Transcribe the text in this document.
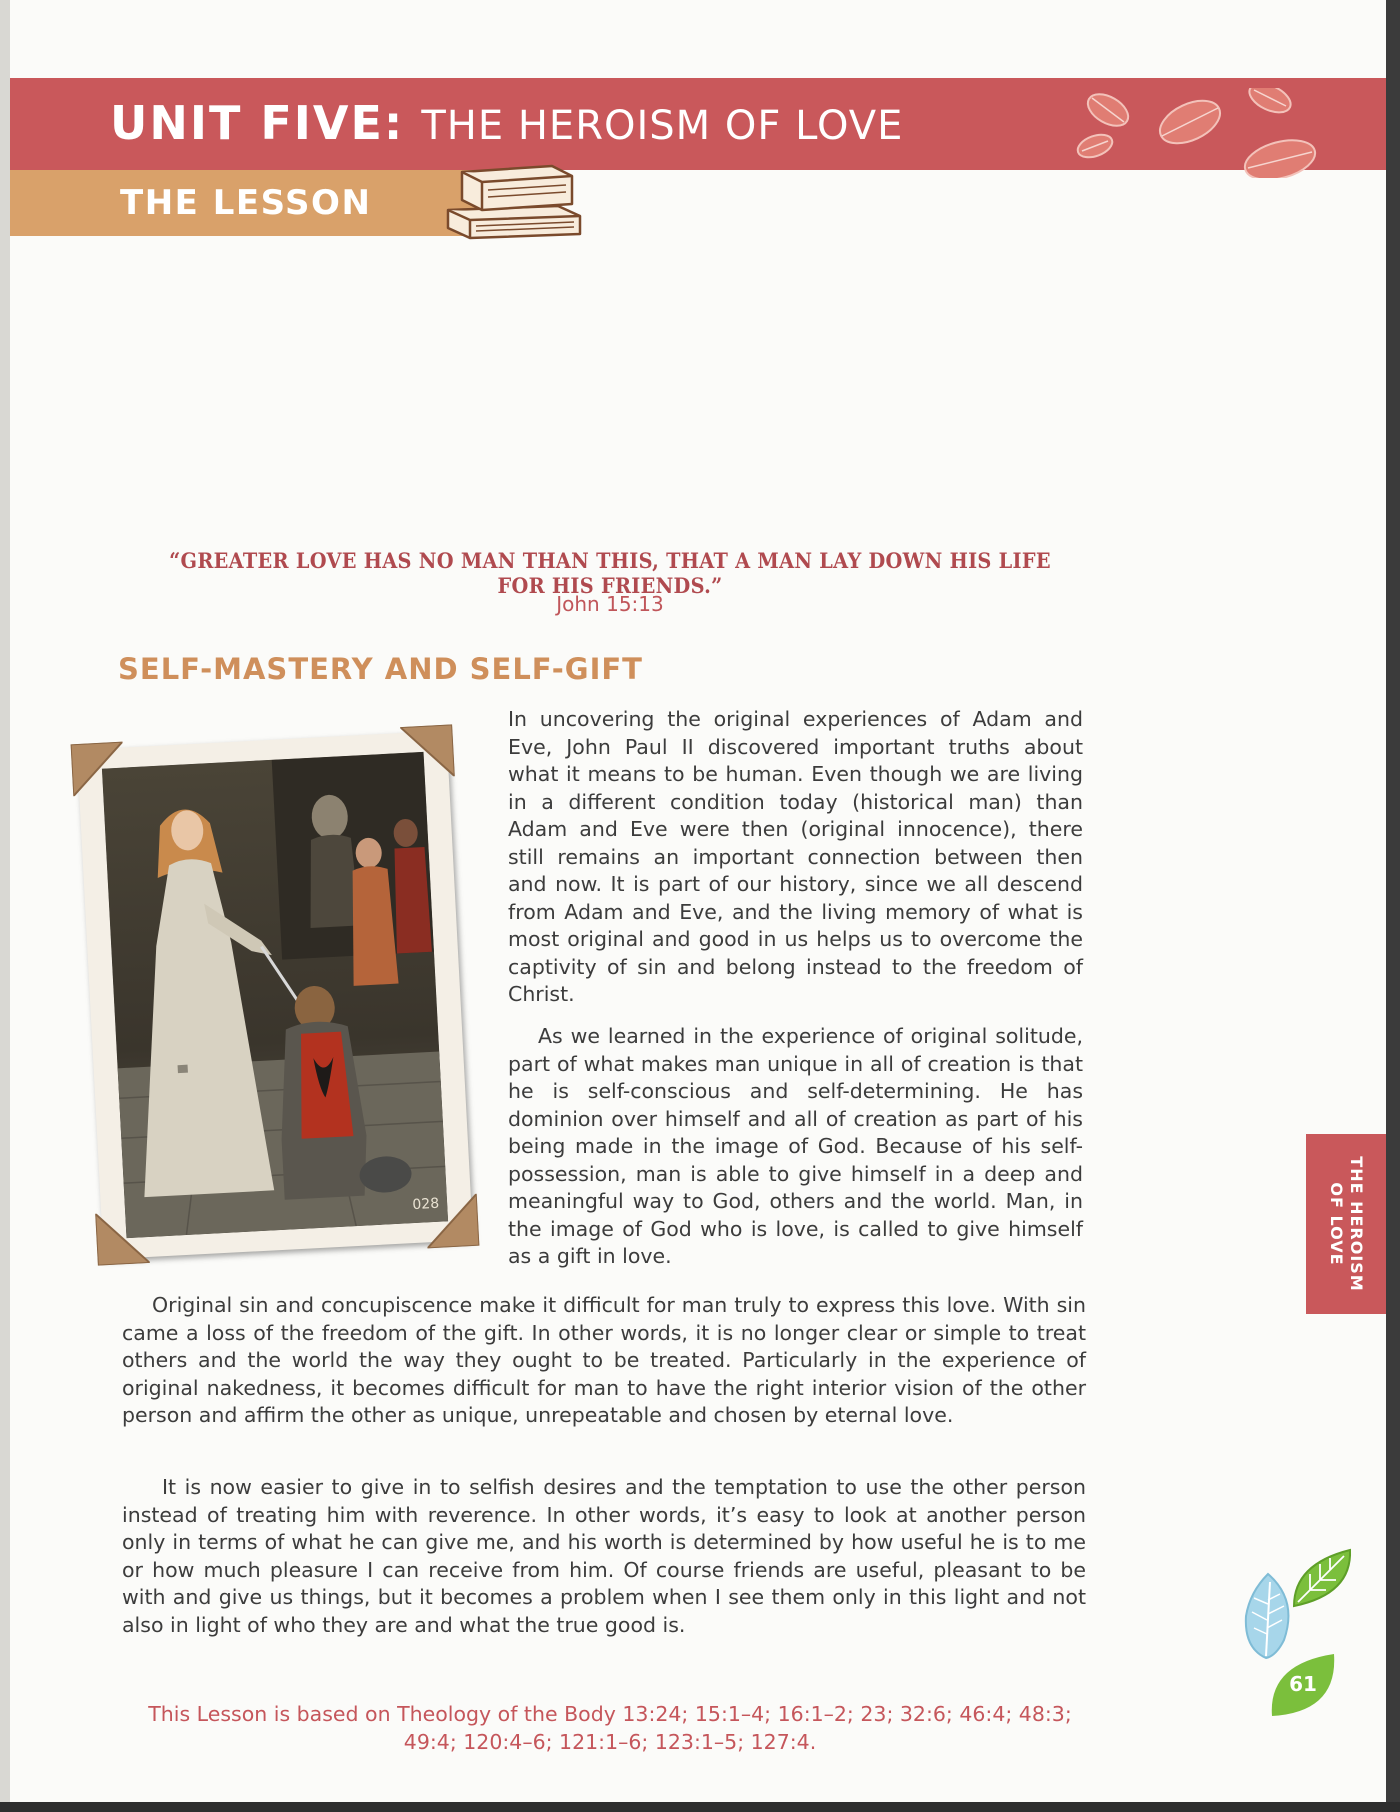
UNIT FIVE: THE HEROISM OF LOVE
THE LESSON

“GREATER LOVE HAS NO MAN THAN THIS, THAT A MAN LAY DOWN HIS LIFE FOR HIS FRIENDS.”

John 15:13

SELF-MASTERY AND SELF-GIFT
028

In uncovering the original experiences of Adam and Eve, John Paul II discovered important truths about what it means to be human. Even though we are living in a different condition today (historical man) than Adam and Eve were then (original innocence), there still remains an important connection between then and now. It is part of our history, since we all descend from Adam and Eve, and the living memory of what is most original and good in us helps us to overcome the captivity of sin and belong instead to the freedom of Christ.

As we learned in the experience of original solitude, part of what makes man unique in all of creation is that he is self-conscious and self-determining. He has dominion over himself and all of creation as part of his being made in the image of God. Because of his self-possession, man is able to give himself in a deep and meaningful way to God, others and the world. Man, in the image of God who is love, is called to give himself as a gift in love.

Original sin and concupiscence make it difficult for man truly to express this love. With sin came a loss of the freedom of the gift. In other words, it is no longer clear or simple to treat others and the world the way they ought to be treated. Particularly in the experience of original nakedness, it becomes difficult for man to have the right interior vision of the other person and affirm the other as unique, unrepeatable and chosen by eternal love.

It is now easier to give in to selfish desires and the temptation to use the other person instead of treating him with reverence. In other words, it’s easy to look at another person only in terms of what he can give me, and his worth is determined by how useful he is to me or how much pleasure I can receive from him. Of course friends are useful, pleasant to be with and give us things, but it becomes a problem when I see them only in this light and not also in light of who they are and what the true good is.

This Lesson is based on Theology of the Body 13:24; 15:1–4; 16:1–2; 23; 32:6; 46:4; 48:3; 49:4; 120:4–6; 121:1–6; 123:1–5; 127:4.

THE HEROISM
OF LOVE

61
